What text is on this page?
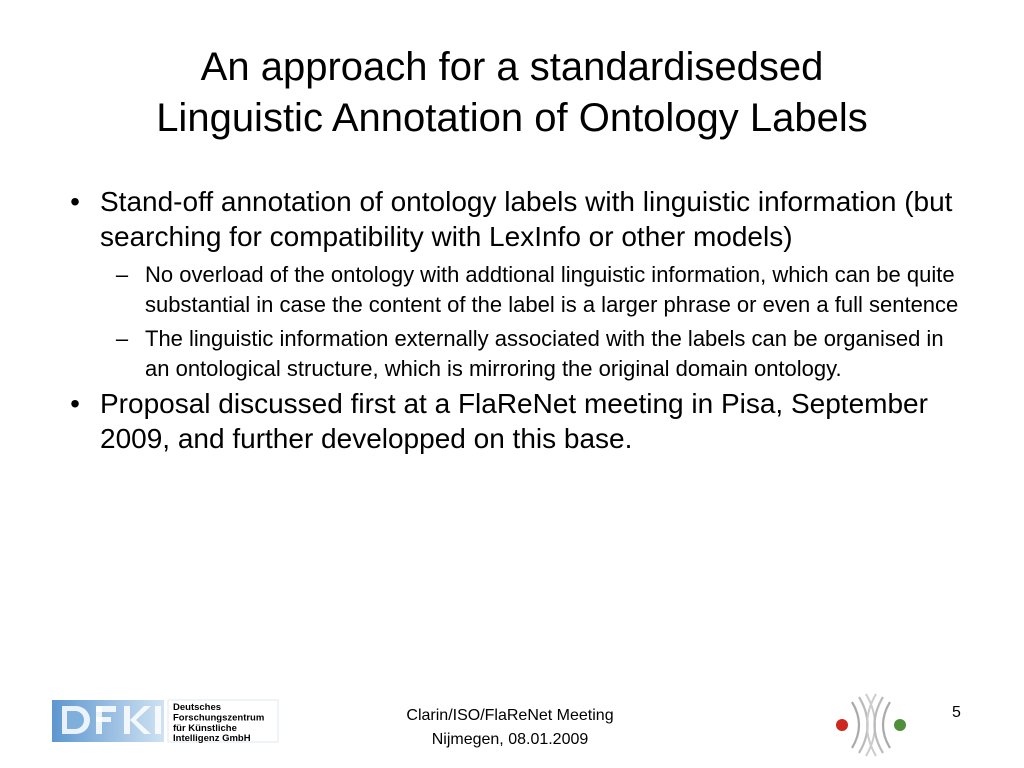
An approach for a standardisedsed
Linguistic Annotation of Ontology Labels
• Stand-off annotation of ontology labels with linguistic information (but searching for compatibility with LexInfo or other models)
– No overload of the ontology with addtional linguistic information, which can be quite substantial in case the content of the label is a larger phrase or even a full sentence
– The linguistic information externally associated with the labels can be organised in an ontological structure, which is mirroring the original domain ontology.
• Proposal discussed first at a FlaReNet meeting in Pisa, September 2009, and further developped on this base.
Deutsches
Forschungszentrum
für Künstliche
Intelligenz GmbH
Clarin/ISO/FlaReNet Meeting
Nijmegen, 08.01.2009
5
